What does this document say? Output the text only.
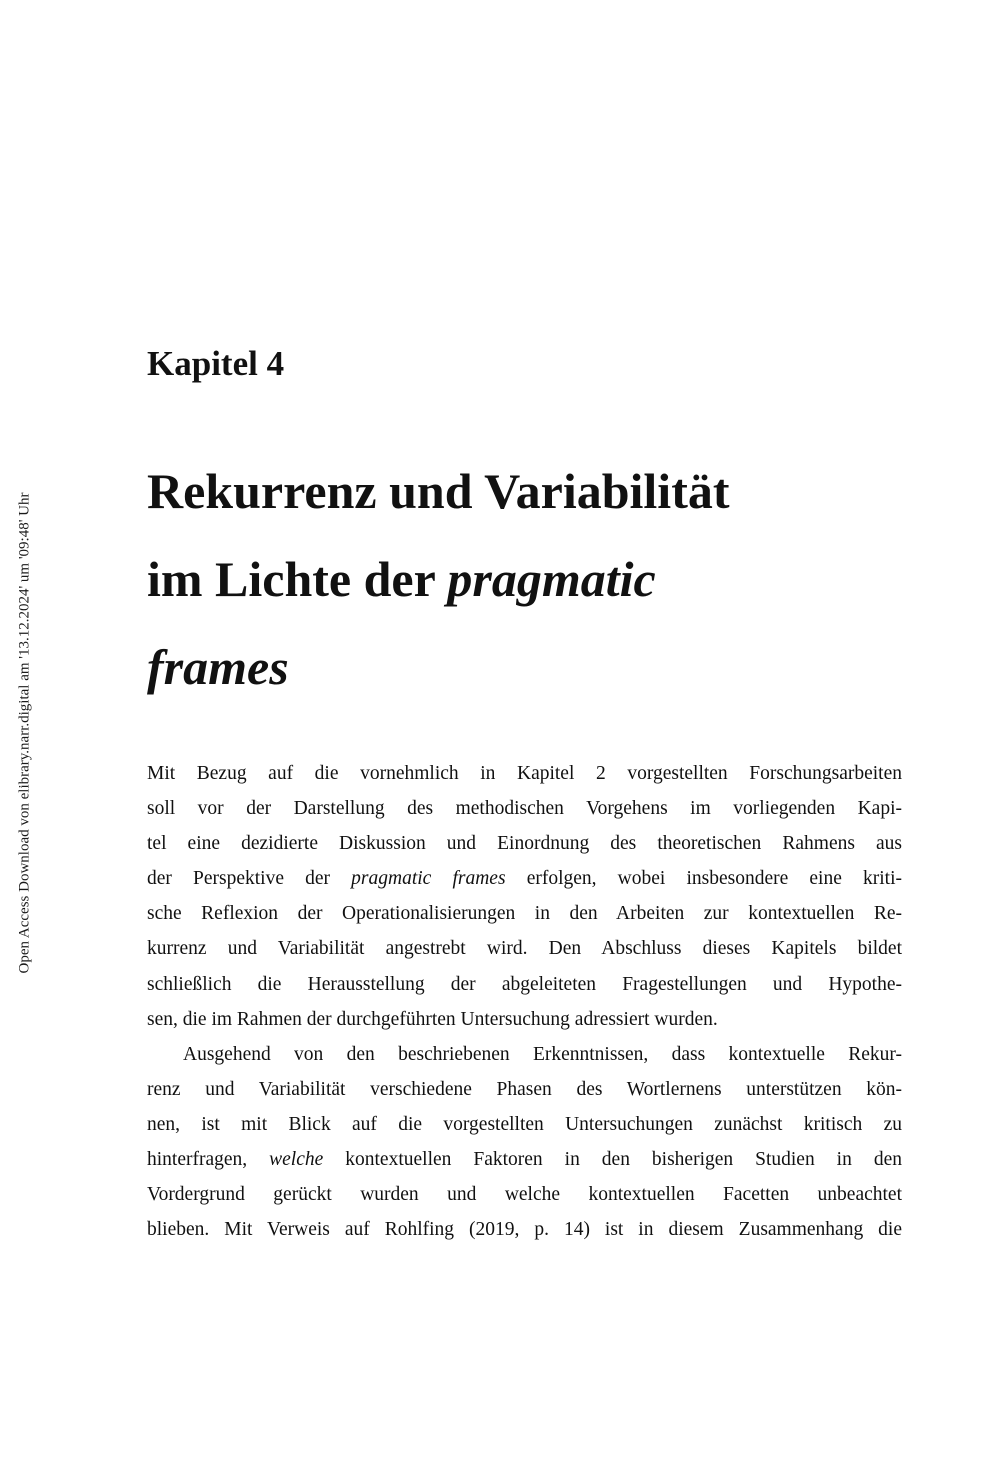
Open Access Download von elibrary.narr.digital am '13.12.2024' um '09:48' Uhr
Kapitel 4
Rekurrenz und Variabilität
im Lichte der pragmatic
frames
Mit Bezug auf die vornehmlich in Kapitel 2 vorgestellten Forschungsarbeiten
soll vor der Darstellung des methodischen Vorgehens im vorliegenden Kapi-
tel eine dezidierte Diskussion und Einordnung des theoretischen Rahmens aus
der Perspektive der pragmatic frames erfolgen, wobei insbesondere eine kriti-
sche Reflexion der Operationalisierungen in den Arbeiten zur kontextuellen Re-
kurrenz und Variabilität angestrebt wird. Den Abschluss dieses Kapitels bildet
schließlich die Herausstellung der abgeleiteten Fragestellungen und Hypothe-
sen, die im Rahmen der durchgeführten Untersuchung adressiert wurden.
Ausgehend von den beschriebenen Erkenntnissen, dass kontextuelle Rekur-
renz und Variabilität verschiedene Phasen des Wortlernens unterstützen kön-
nen, ist mit Blick auf die vorgestellten Untersuchungen zunächst kritisch zu
hinterfragen, welche kontextuellen Faktoren in den bisherigen Studien in den
Vordergrund gerückt wurden und welche kontextuellen Facetten unbeachtet
blieben. Mit Verweis auf Rohlfing (2019, p. 14) ist in diesem Zusammenhang die
